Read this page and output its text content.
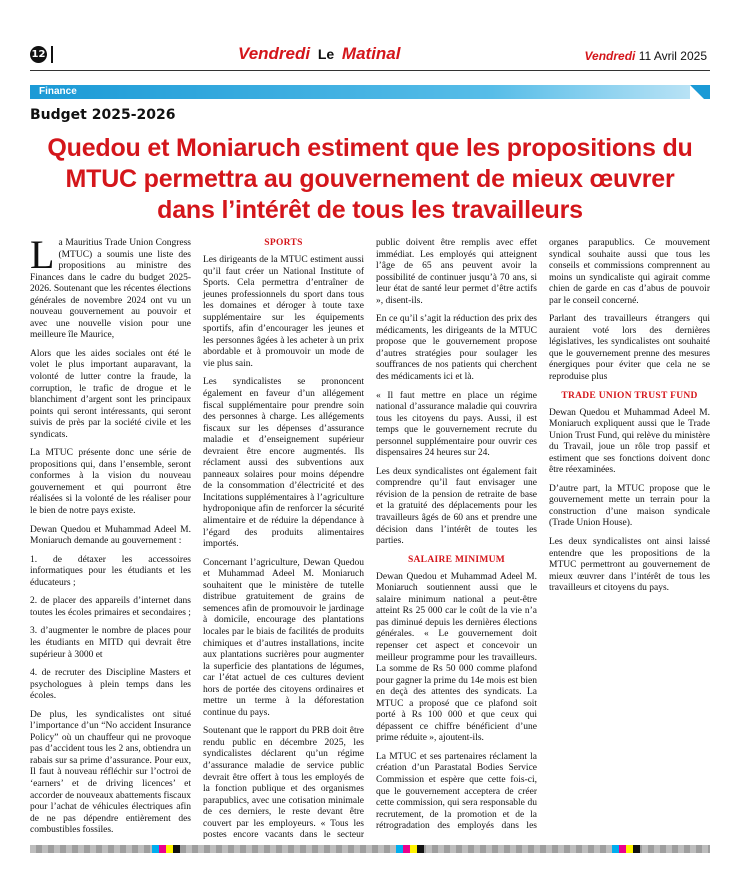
12	Vendredi Le Matinal	Vendredi 11 Avril 2025
Finance
Budget 2025-2026
Quedou et Moniaruch estiment que les propositions du MTUC permettra au gouvernement de mieux œuvrer dans l’intérêt de tous les travailleurs

La Mauritius Trade Union Congress (MTUC) a soumis une liste des propositions au ministre des Finances dans le cadre du budget 2025-2026. Soutenant que les récentes élections générales de novembre 2024 ont vu un nouveau gouvernement au pouvoir et avec une nouvelle vision pour une meilleure île Maurice,

Alors que les aides sociales ont été le volet le plus important auparavant, la volonté de lutter contre la fraude, la corruption, le trafic de drogue et le blanchiment d’argent sont les principaux points qui seront intéressants, qui seront suivis de près par la société civile et les syndicats.

La MTUC présente donc une série de propositions qui, dans l’ensemble, seront conformes à la vision du nouveau gouvernement et qui pourront être réalisées si la volonté de les réaliser pour le bien de notre pays existe.

Dewan Quedou et Muhammad Adeel M. Moniaruch demande au gouvernement :

1. de détaxer les accessoires informatiques pour les étudiants et les éducateurs ;

2. de placer des appareils d’internet dans toutes les écoles primaires et secondaires ;

3. d’augmenter le nombre de places pour les étudiants en MITD qui devrait être supérieur à 3000 et

4. de recruter des Discipline Masters et psychologues à plein temps dans les écoles.

De plus, les syndicalistes ont situé l’importance d’un “No accident Insurance Policy” où un chauffeur qui ne provoque pas d’accident tous les 2 ans, obtiendra un rabais sur sa prime d’assurance. Pour eux, Il faut à nouveau réfléchir sur l’octroi de ‘earners’ et de driving licences’ et accorder de nouveaux abattements fiscaux pour l’achat de véhicules électriques afin de ne pas dépendre entièrement des combustibles fossiles.

SPORTS

Les dirigeants de la MTUC estiment aussi qu’il faut créer un National Institute of Sports. Cela permettra d’entraîner de jeunes professionnels du sport dans tous les domaines et déroger à toute taxe supplémentaire sur les équipements sportifs, afin d’encourager les jeunes et les personnes âgées à les acheter à un prix abordable et à promouvoir un mode de vie plus sain.

Les syndicalistes se prononcent également en faveur d’un allégement fiscal supplémentaire pour prendre soin des personnes à charge. Les allégements fiscaux sur les dépenses d’assurance maladie et d’enseignement supérieur devraient être encore augmentés. Ils réclament aussi des subventions aux panneaux solaires pour moins dépendre de la consommation d’électricité et des Incitations supplémentaires à l’agriculture hydroponique afin de renforcer la sécurité alimentaire et de réduire la dépendance à l’égard des produits alimentaires importés.

Concernant l’agriculture, Dewan Quedou et Muhammad Adeel M. Moniaruch souhaitent que le ministère de tutelle distribue gratuitement de grains de semences afin de promouvoir le jardinage à domicile, encourage des plantations locales par le biais de facilités de produits chimiques et d’autres installations, incite aux plantations sucrières pour augmenter la superficie des plantations de légumes, car l’état actuel de ces cultures devient hors de portée des citoyens ordinaires et mettre un terme à la déforestation continue du pays.

Soutenant que le rapport du PRB doit être rendu public en décembre 2025, les syndicalistes déclarent qu’un régime d’assurance maladie de service public devrait être offert à tous les employés de la fonction publique et des organismes parapublics, avec une cotisation minimale de ces derniers, le reste devant être couvert par les employeurs. « Tous les postes encore vacants dans le secteur public doivent être remplis avec effet immédiat. Les employés qui atteignent l’âge de 65 ans peuvent avoir la possibilité de continuer jusqu’à 70 ans, si leur état de santé leur permet d’être actifs », disent-ils.

En ce qu’il s’agit la réduction des prix des médicaments, les dirigeants de la MTUC propose que le gouvernement propose d’autres stratégies pour soulager les souffrances de nos patients qui cherchent des médicaments ici et là.

« Il faut mettre en place un régime national d’assurance maladie qui couvrira tous les citoyens du pays. Aussi, il est temps que le gouvernement recrute du personnel supplémentaire pour ouvrir ces dispensaires 24 heures sur 24.

Les deux syndicalistes ont également fait comprendre qu’il faut envisager une révision de la pension de retraite de base et la gratuité des déplacements pour les travailleurs âgés de 60 ans et prendre une décision dans l’intérêt de toutes les parties.

SALAIRE MINIMUM

Dewan Quedou et Muhammad Adeel M. Moniaruch soutiennent aussi que le salaire minimum national a peut-être atteint Rs 25 000 car le coût de la vie n’a pas diminué depuis les dernières élections générales. « Le gouvernement doit repenser cet aspect et concevoir un meilleur programme pour les travailleurs. La somme de Rs 50 000 comme plafond pour gagner la prime du 14e mois est bien en deçà des attentes des syndicats. La MTUC a proposé que ce plafond soit porté à Rs 100 000 et que ceux qui dépassent ce chiffre bénéficient d’une prime réduite », ajoutent-ils.

La MTUC et ses partenaires réclament la création d’un Parastatal Bodies Service Commission et espère que cette fois-ci, que le gouvernement acceptera de créer cette commission, qui sera responsable du recrutement, de la promotion et de la rétrogradation des employés dans les organes parapublics. Ce mouvement syndical souhaite aussi que tous les conseils et commissions comprennent au moins un syndicaliste qui agirait comme chien de garde en cas d’abus de pouvoir par le conseil concerné.

Parlant des travailleurs étrangers qui auraient voté lors des dernières législatives, les syndicalistes ont souhaité que le gouvernement prenne des mesures énergiques pour éviter que cela ne se reproduise plus

TRADE UNION TRUST FUND

Dewan Quedou et Muhammad Adeel M. Moniaruch expliquent aussi que le Trade Union Trust Fund, qui relève du ministère du Travail, joue un rôle trop passif et estiment que ses fonctions doivent donc être réexaminées.

D’autre part, la MTUC propose que le gouvernement mette un terrain pour la construction d’une maison syndicale (Trade Union House).

Les deux syndicalistes ont ainsi laissé entendre que les propositions de la MTUC permettront au gouvernement de mieux œuvrer dans l’intérêt de tous les travailleurs et citoyens du pays.
